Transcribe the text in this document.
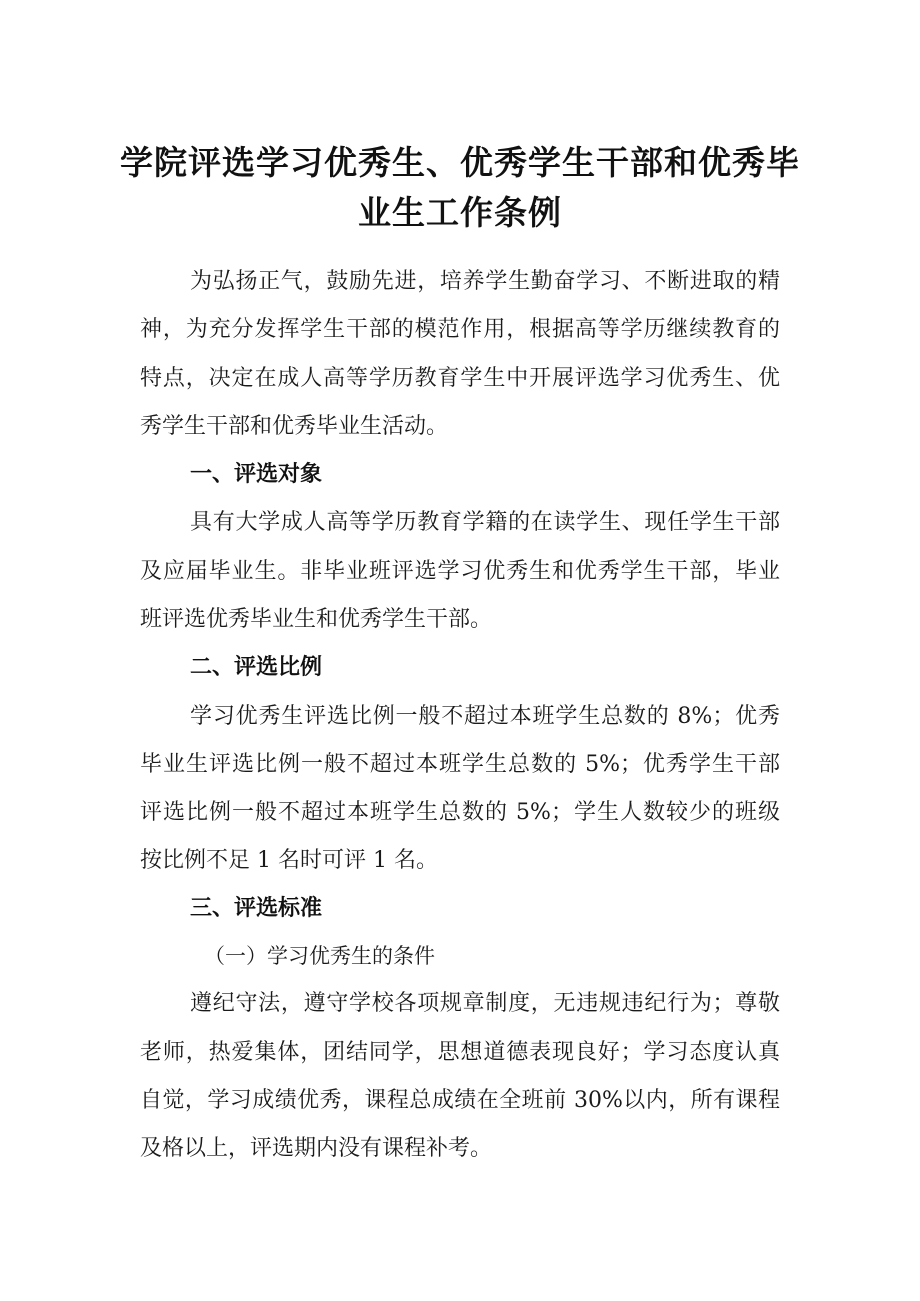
学院评选学习优秀生、优秀学生干部和优秀毕
业生工作条例
为弘扬正气，鼓励先进，培养学生勤奋学习、不断进取的精
神，为充分发挥学生干部的模范作用，根据高等学历继续教育的
特点，决定在成人高等学历教育学生中开展评选学习优秀生、优
秀学生干部和优秀毕业生活动。
一、评选对象
具有大学成人高等学历教育学籍的在读学生、现任学生干部
及应届毕业生。非毕业班评选学习优秀生和优秀学生干部，毕业
班评选优秀毕业生和优秀学生干部。
二、评选比例
学习优秀生评选比例一般不超过本班学生总数的 8%；优秀
毕业生评选比例一般不超过本班学生总数的 5%；优秀学生干部
评选比例一般不超过本班学生总数的 5%；学生人数较少的班级
按比例不足 1 名时可评 1 名。
三、评选标准
（一）学习优秀生的条件
遵纪守法，遵守学校各项规章制度，无违规违纪行为；尊敬
老师，热爱集体，团结同学，思想道德表现良好；学习态度认真
自觉，学习成绩优秀，课程总成绩在全班前 30%以内，所有课程
及格以上，评选期内没有课程补考。
